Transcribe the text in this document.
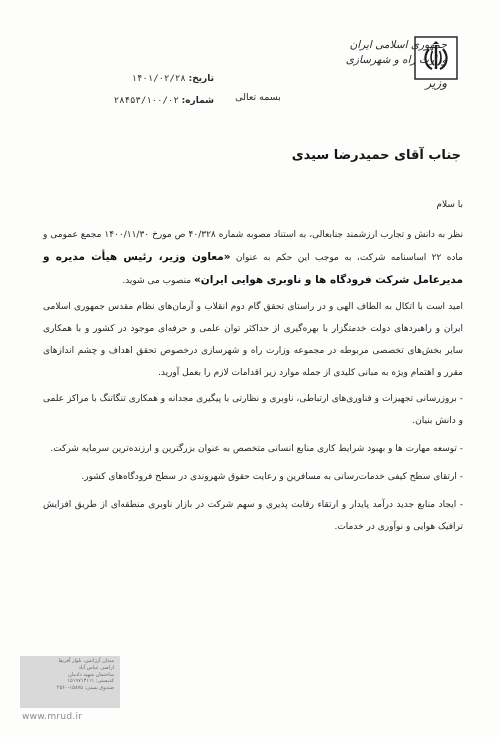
جمهوری اسلامی ایران
وزارت راه و شهرسازی
وزیر
تاریخ: ۱۴۰۱/۰۲/۲۸
شماره: ۲۸۴۵۳/۱۰۰/۰۲	بسمه تعالی
جناب آقای حمیدرضا سیدی

با سلام

نظر به دانش و تجارب ارزشمند جنابعالی، به استناد مصوبه شماره ۴۰/۳۲۸ ص مورخ ۱۴۰۰/۱۱/۳۰ مجمع عمومی و ماده ۲۲ اساسنامه شرکت، به موجب این حکم به عنوان «معاون وزیر، رئیس هیأت مدیره و مدیرعامل شرکت فرودگاه ها و ناوبری هوایی ایران» منصوب می شوید.

امید است با اتکال به الطاف الهی و در راستای تحقق گام دوم انقلاب و آرمان‌های نظام مقدس جمهوری اسلامی ایران و راهبردهای دولت خدمتگزار با بهره‌گیری از حداکثر توان علمی و حرفه‌ای موجود در کشور و با همکاری سایر بخش‌های تخصصی مربوطه در مجموعه وزارت راه و شهرسازی درخصوص تحقق اهداف و چشم اندازهای مقرر و اهتمام ویژه به مبانی کلیدی از جمله موارد زیر اقدامات لازم را بعمل آورید.

- بروزرسانی تجهیزات و فناوری‌های ارتباطی، ناوبری و نظارتی با پیگیری مجدانه و همکاری تنگاتنگ با مراکز علمی و دانش بنیان.

- توسعه مهارت ها و بهبود شرایط کاری منابع انسانی متخصص به عنوان بزرگترین و ارزنده‌ترین سرمایه شرکت.

- ارتقای سطح کیفی خدمات‌رسانی به مسافرین و رعایت حقوق شهروندی در سطح فرودگاه‌های کشور.

- ایجاد منابع جدید درآمد پایدار و ارتقاء رقابت پذیری و سهم شرکت در بازار ناوبری منطقه‌ای از طریق افزایش ترافیک هوایی و نوآوری در خدمات.

میدان آرژانتین، بلوار آفریقا
اراضی عباس آباد
ساختمان شهید دادمان
کدپستی: ۱۵۱۹۷۱۳۱۱۱
صندوق پستی: ۱۵۸۷۵-۴۵۶۰
www.mrud.ir
